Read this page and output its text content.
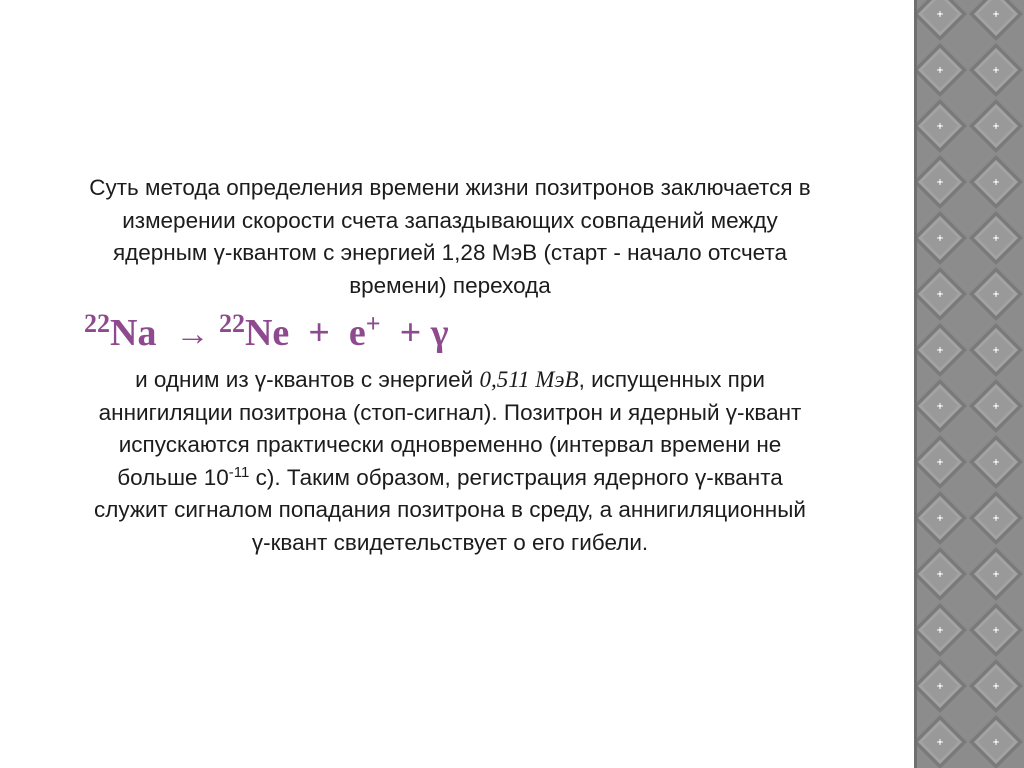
Суть метода определения времени жизни позитронов заключается в
измерении скорости счета запаздывающих совпадений между
ядерным γ-квантом с энергией 1,28 МэВ (старт - начало отсчета
времени) перехода

$^{22}$Na → $^{22}$Ne + e+ + γ

и одним из γ-квантов с энергией 0,511 МэВ, испущенных при
аннигиляции позитрона (стоп-сигнал). Позитрон и ядерный γ-квант
испускаются практически одновременно (интервал времени не
больше $10^{-11}$ с). Таким образом, регистрация ядерного γ-кванта
служит сигналом попадания позитрона в среду, а аннигиляционный
γ-квант свидетельствует о его гибели.
